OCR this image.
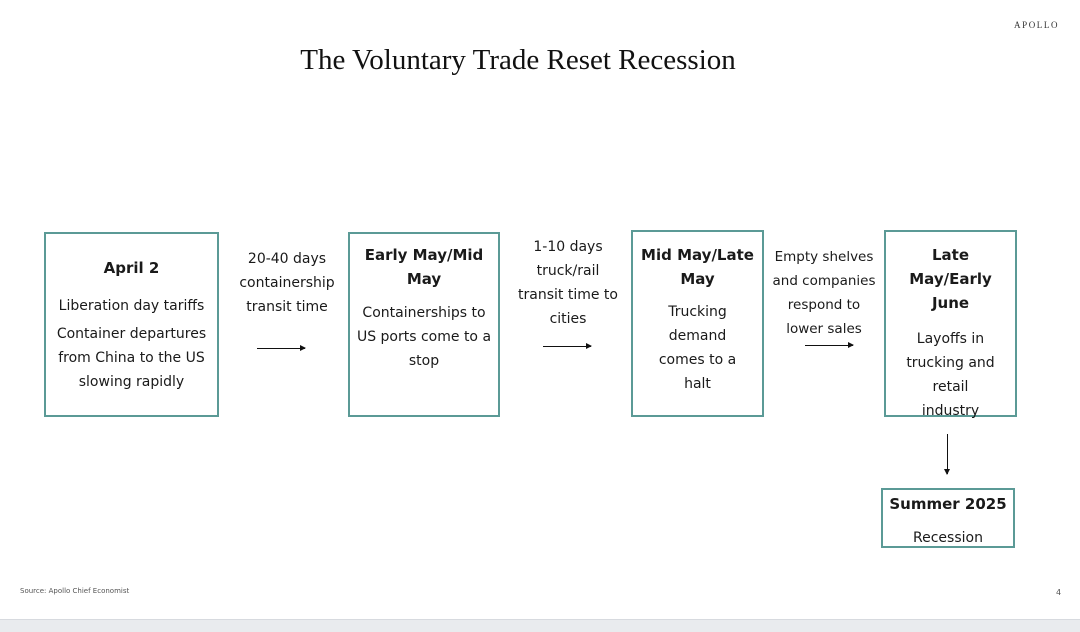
APOLLO
The Voluntary Trade Reset Recession
April 2
Liberation day tariffs
Container departures from China to the US slowing rapidly
20-40 days containership transit time
Early May/Mid May
Containerships to US ports come to a stop
1-10 days truck/rail transit time to cities
Mid May/Late May
Trucking demand comes to a halt
Empty shelves and companies respond to lower sales
Late May/Early June
Layoffs in trucking and retail industry
Summer 2025
Recession
Source: Apollo Chief Economist	4
